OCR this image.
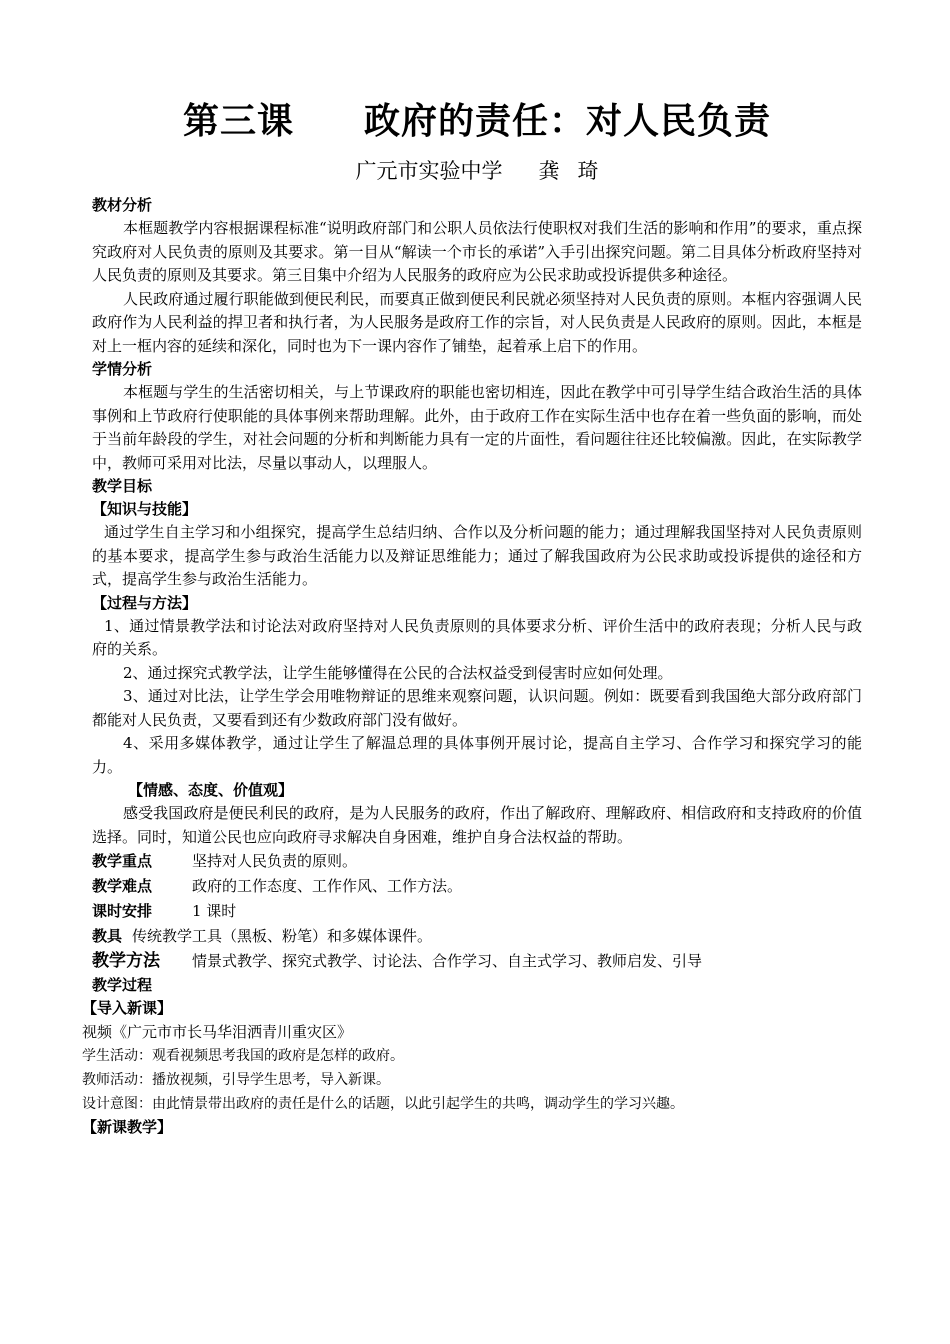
第三课 政府的责任：对人民负责
广元市实验中学 龚 琦
教材分析

本框题教学内容根据课程标准“说明政府部门和公职人员依法行使职权对我们生活的影响和作用”的要求，重点探究政府对人民负责的原则及其要求。第一目从“解读一个市长的承诺”入手引出探究问题。第二目具体分析政府坚持对人民负责的原则及其要求。第三目集中介绍为人民服务的政府应为公民求助或投诉提供多种途径。

人民政府通过履行职能做到便民利民，而要真正做到便民利民就必须坚持对人民负责的原则。本框内容强调人民政府作为人民利益的捍卫者和执行者，为人民服务是政府工作的宗旨，对人民负责是人民政府的原则。因此，本框是对上一框内容的延续和深化，同时也为下一课内容作了铺垫，起着承上启下的作用。

学情分析

本框题与学生的生活密切相关，与上节课政府的职能也密切相连，因此在教学中可引导学生结合政治生活的具体事例和上节政府行使职能的具体事例来帮助理解。此外，由于政府工作在实际生活中也存在着一些负面的影响，而处于当前年龄段的学生，对社会问题的分析和判断能力具有一定的片面性，看问题往往还比较偏激。因此，在实际教学中，教师可采用对比法，尽量以事动人，以理服人。

教学目标
【知识与技能】

通过学生自主学习和小组探究，提高学生总结归纳、合作以及分析问题的能力；通过理解我国坚持对人民负责原则的基本要求，提高学生参与政治生活能力以及辩证思维能力；通过了解我国政府为公民求助或投诉提供的途径和方式，提高学生参与政治生活能力。

【过程与方法】

1、通过情景教学法和讨论法对政府坚持对人民负责原则的具体要求分析、评价生活中的政府表现；分析人民与政府的关系。

2、通过探究式教学法，让学生能够懂得在公民的合法权益受到侵害时应如何处理。

3、通过对比法，让学生学会用唯物辩证的思维来观察问题，认识问题。例如：既要看到我国绝大部分政府部门都能对人民负责，又要看到还有少数政府部门没有做好。

4、采用多媒体教学，通过让学生了解温总理的具体事例开展讨论，提高自主学习、合作学习和探究学习的能力。

【情感、态度、价值观】

感受我国政府是便民利民的政府，是为人民服务的政府，作出了解政府、理解政府、相信政府和支持政府的价值选择。同时，知道公民也应向政府寻求解决自身困难，维护自身合法权益的帮助。

教学重点	坚持对人民负责的原则。
教学难点	政府的工作态度、工作作风、工作方法。
课时安排	1 课时
教具 传统教学工具（黑板、粉笔）和多媒体课件。
教学方法	情景式教学、探究式教学、讨论法、合作学习、自主式学习、教师启发、引导
教学过程
【导入新课】
视频《广元市市长马华泪洒青川重灾区》
学生活动：观看视频思考我国的政府是怎样的政府。
教师活动：播放视频，引导学生思考，导入新课。
设计意图：由此情景带出政府的责任是什么的话题，以此引起学生的共鸣，调动学生的学习兴趣。
【新课教学】
